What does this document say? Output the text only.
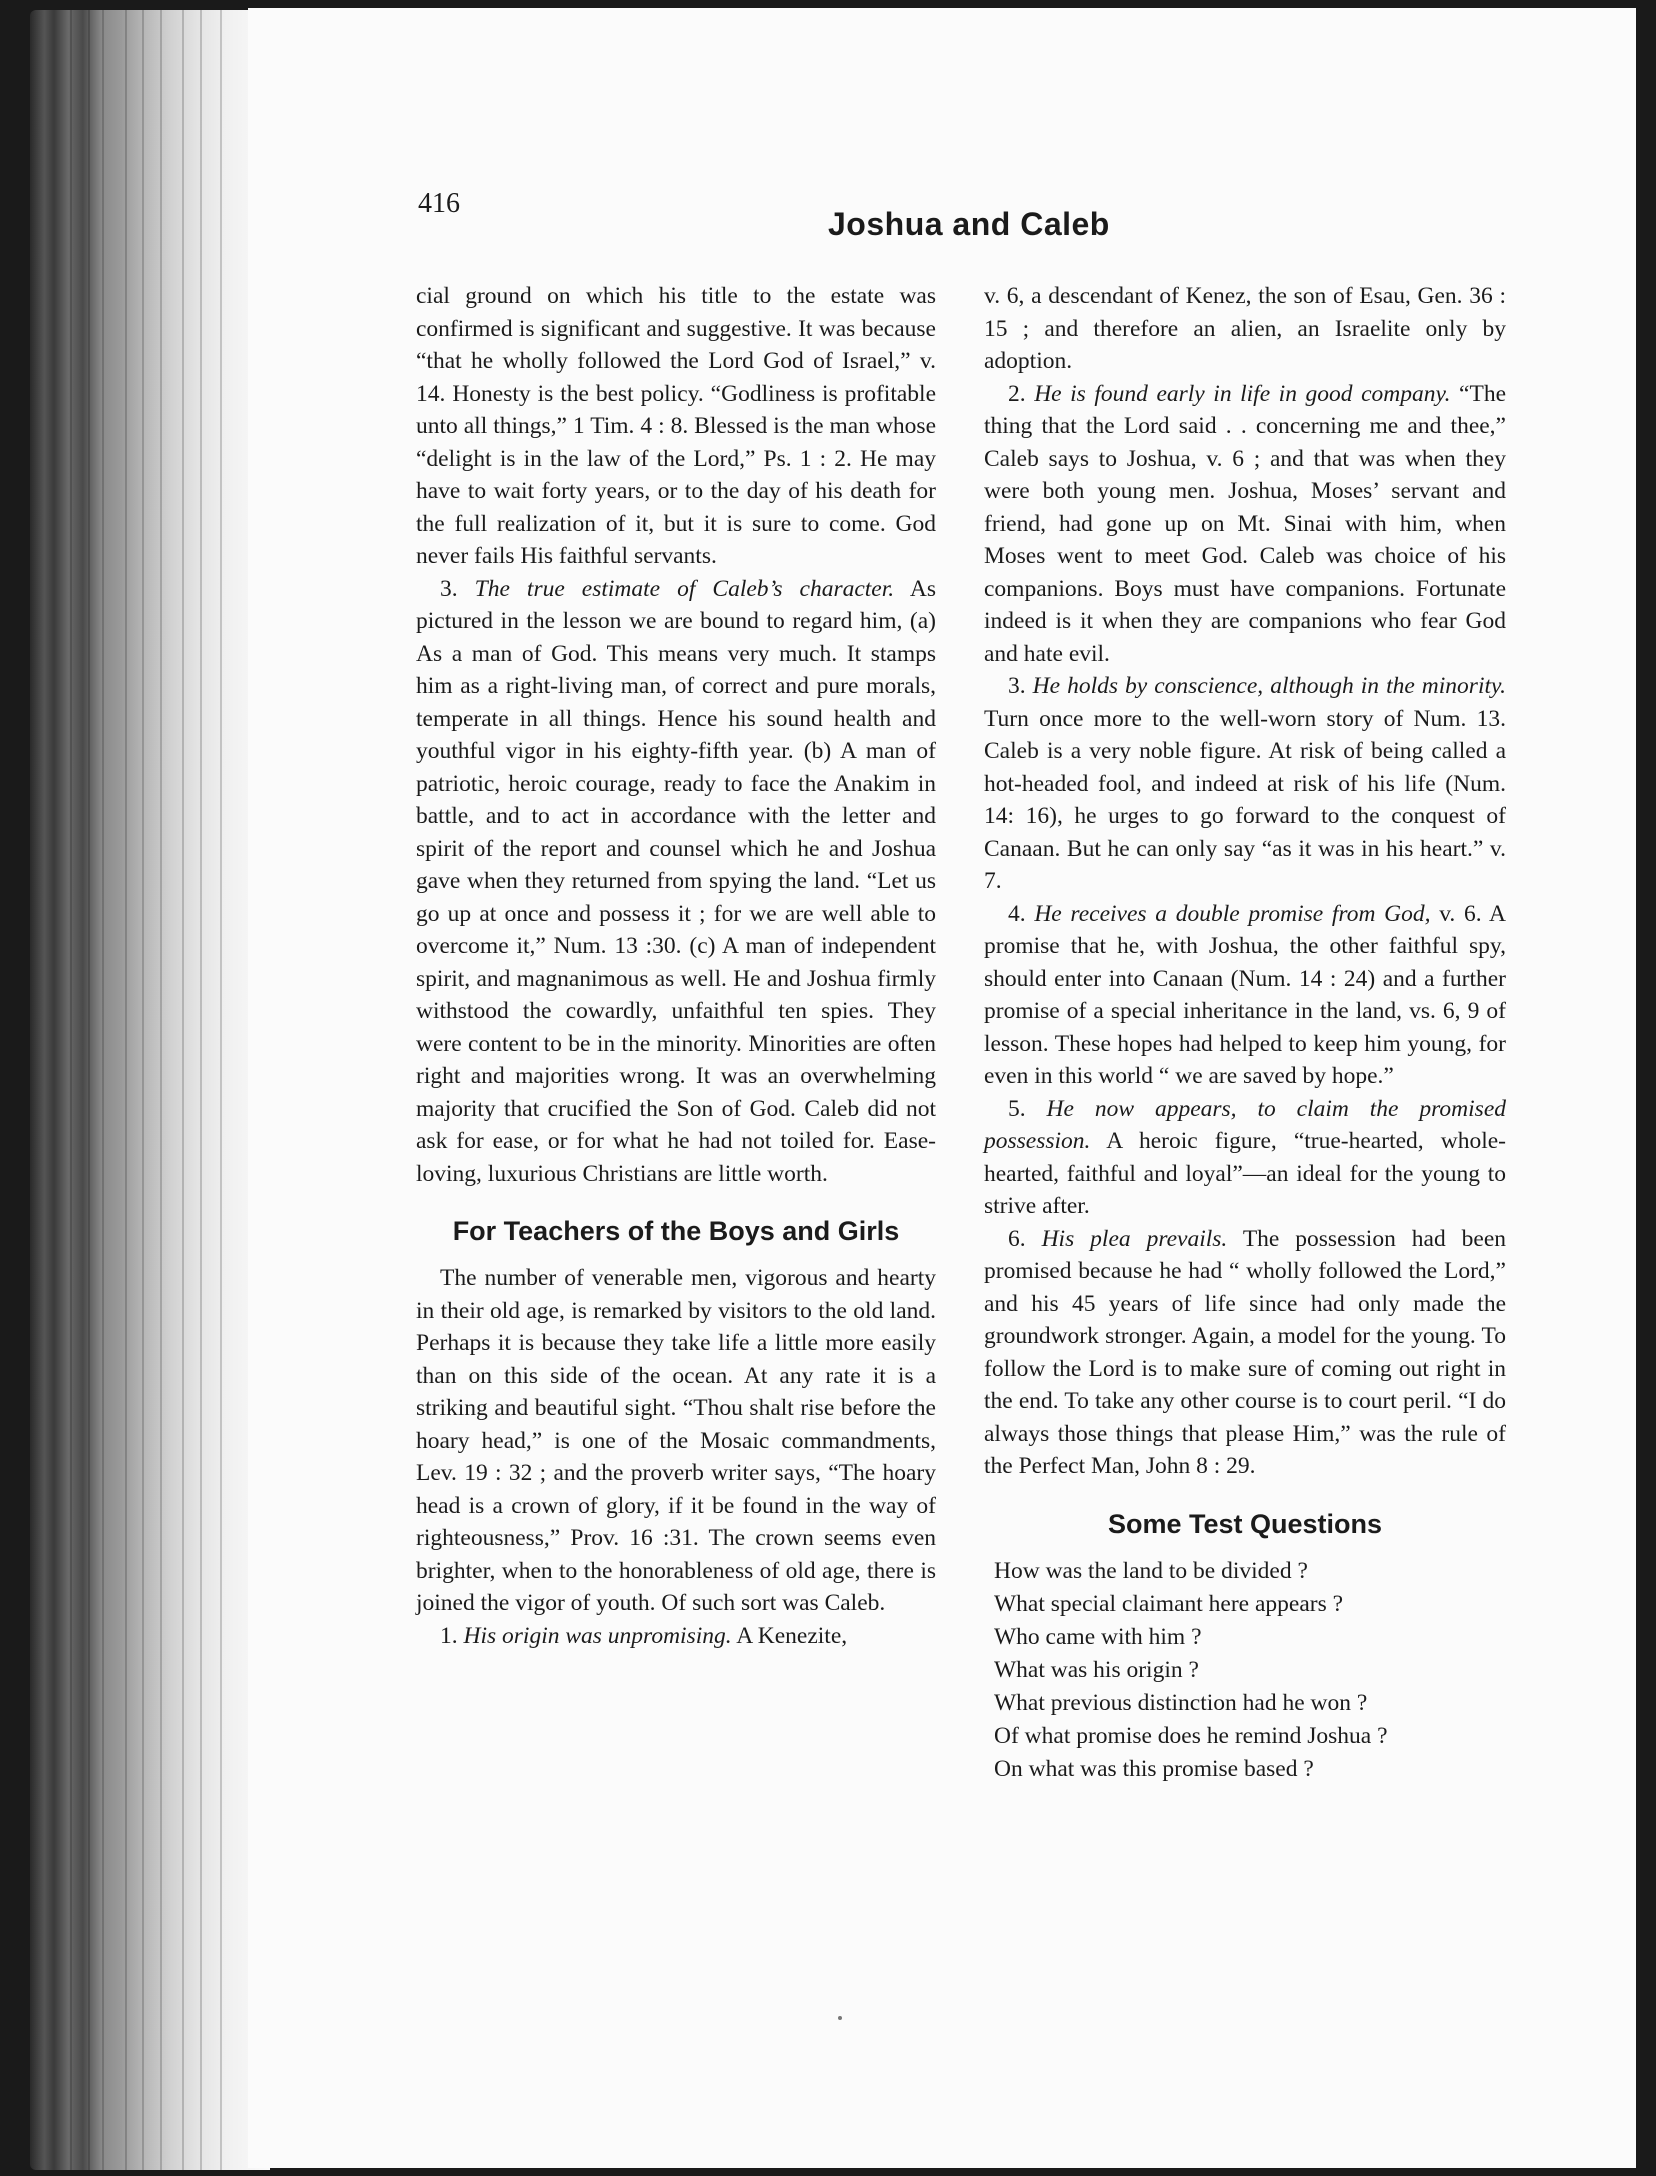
416
Joshua and Caleb

cial ground on which his title to the estate was confirmed is significant and suggestive. It was because “that he wholly followed the Lord God of Israel,” v. 14. Honesty is the best policy. “Godliness is profitable unto all things,” 1 Tim. 4 : 8. Blessed is the man whose “delight is in the law of the Lord,” Ps. 1 : 2. He may have to wait forty years, or to the day of his death for the full realization of it, but it is sure to come. God never fails His faithful servants.

3. The true estimate of Caleb’s character. As pictured in the lesson we are bound to regard him, (a) As a man of God. This means very much. It stamps him as a right-living man, of correct and pure morals, temperate in all things. Hence his sound health and youthful vigor in his eighty-fifth year. (b) A man of patriotic, heroic courage, ready to face the Anakim in battle, and to act in accordance with the letter and spirit of the report and counsel which he and Joshua gave when they returned from spying the land. “Let us go up at once and possess it ; for we are well able to overcome it,” Num. 13 :30. (c) A man of independent spirit, and magnanimous as well. He and Joshua firmly withstood the cowardly, unfaithful ten spies. They were content to be in the minority. Minorities are often right and majorities wrong. It was an overwhelming majority that crucified the Son of God. Caleb did not ask for ease, or for what he had not toiled for. Ease-loving, luxurious Christians are little worth.

For Teachers of the Boys and Girls

The number of venerable men, vigorous and hearty in their old age, is remarked by visitors to the old land. Perhaps it is because they take life a little more easily than on this side of the ocean. At any rate it is a striking and beautiful sight. “Thou shalt rise before the hoary head,” is one of the Mosaic commandments, Lev. 19 : 32 ; and the proverb writer says, “The hoary head is a crown of glory, if it be found in the way of righteousness,” Prov. 16 :31. The crown seems even brighter, when to the honorableness of old age, there is joined the vigor of youth. Of such sort was Caleb.

1. His origin was unpromising. A Kenezite,

v. 6, a descendant of Kenez, the son of Esau, Gen. 36 : 15 ; and therefore an alien, an Israelite only by adoption.

2. He is found early in life in good company. “The thing that the Lord said . . concerning me and thee,” Caleb says to Joshua, v. 6 ; and that was when they were both young men. Joshua, Moses’ servant and friend, had gone up on Mt. Sinai with him, when Moses went to meet God. Caleb was choice of his companions. Boys must have companions. Fortunate indeed is it when they are companions who fear God and hate evil.

3. He holds by conscience, although in the minority. Turn once more to the well-worn story of Num. 13. Caleb is a very noble figure. At risk of being called a hot-headed fool, and indeed at risk of his life (Num. 14: 16), he urges to go forward to the conquest of Canaan. But he can only say “as it was in his heart.” v. 7.

4. He receives a double promise from God, v. 6. A promise that he, with Joshua, the other faithful spy, should enter into Canaan (Num. 14 : 24) and a further promise of a special inheritance in the land, vs. 6, 9 of lesson. These hopes had helped to keep him young, for even in this world “ we are saved by hope.”

5. He now appears, to claim the promised possession. A heroic figure, “true-hearted, whole-hearted, faithful and loyal”—an ideal for the young to strive after.

6. His plea prevails. The possession had been promised because he had “ wholly followed the Lord,” and his 45 years of life since had only made the groundwork stronger. Again, a model for the young. To follow the Lord is to make sure of coming out right in the end. To take any other course is to court peril. “I do always those things that please Him,” was the rule of the Perfect Man, John 8 : 29.

Some Test Questions
How was the land to be divided ?
What special claimant here appears ?
Who came with him ?
What was his origin ?
What previous distinction had he won ?
Of what promise does he remind Joshua ?
On what was this promise based ?
